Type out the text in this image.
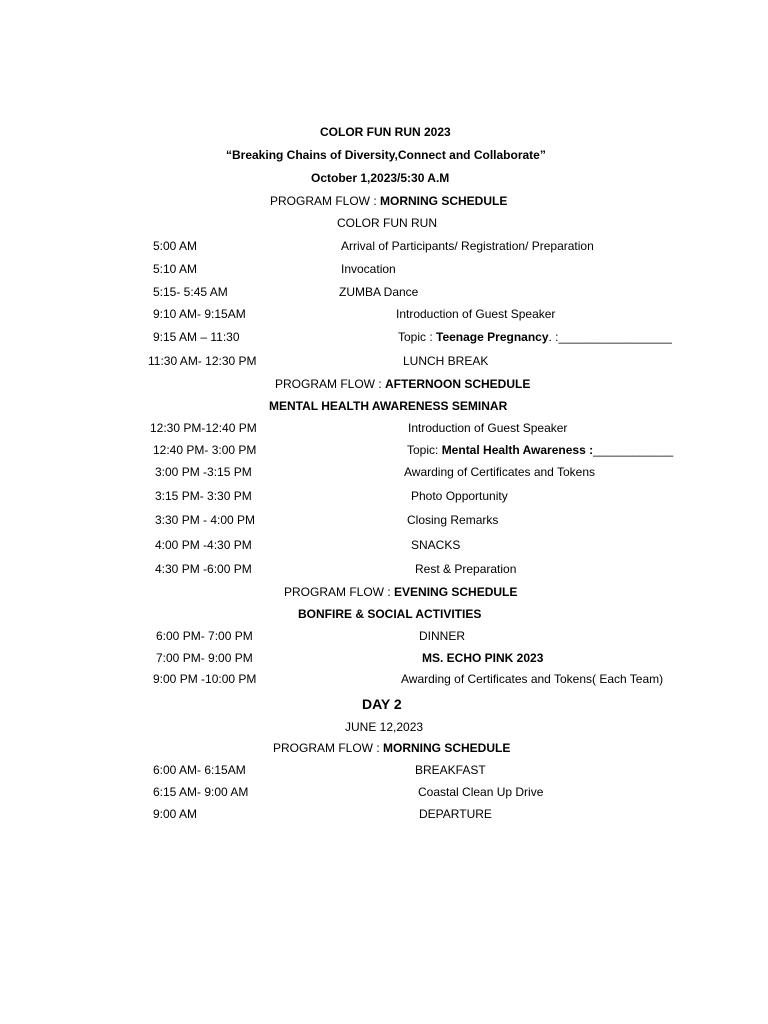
COLOR FUN RUN 2023
“Breaking Chains of Diversity,Connect and Collaborate”
October 1,2023/5:30 A.M
PROGRAM FLOW : MORNING SCHEDULE
COLOR FUN RUN
5:00 AM	Arrival of Participants/ Registration/ Preparation
5:10 AM	Invocation
5:15- 5:45 AM	ZUMBA Dance
9:10 AM- 9:15AM	Introduction of Guest Speaker
9:15 AM – 11:30	Topic : Teenage Pregnancy. :_________________
11:30 AM- 12:30 PM	LUNCH BREAK
PROGRAM FLOW : AFTERNOON SCHEDULE
MENTAL HEALTH AWARENESS SEMINAR
12:30 PM-12:40 PM	Introduction of Guest Speaker
12:40 PM- 3:00 PM	Topic: Mental Health Awareness :____________
3:00 PM -3:15 PM	Awarding of Certificates and Tokens
3:15 PM- 3:30 PM	Photo Opportunity
3:30 PM - 4:00 PM	Closing Remarks
4:00 PM -4:30 PM	SNACKS
4:30 PM -6:00 PM	Rest & Preparation
PROGRAM FLOW : EVENING SCHEDULE
BONFIRE & SOCIAL ACTIVITIES
6:00 PM- 7:00 PM	DINNER
7:00 PM- 9:00 PM	MS. ECHO PINK 2023
9:00 PM -10:00 PM	Awarding of Certificates and Tokens( Each Team)
DAY 2
JUNE 12,2023
PROGRAM FLOW : MORNING SCHEDULE
6:00 AM- 6:15AM	BREAKFAST
6:15 AM- 9:00 AM	Coastal Clean Up Drive
9:00 AM	DEPARTURE
